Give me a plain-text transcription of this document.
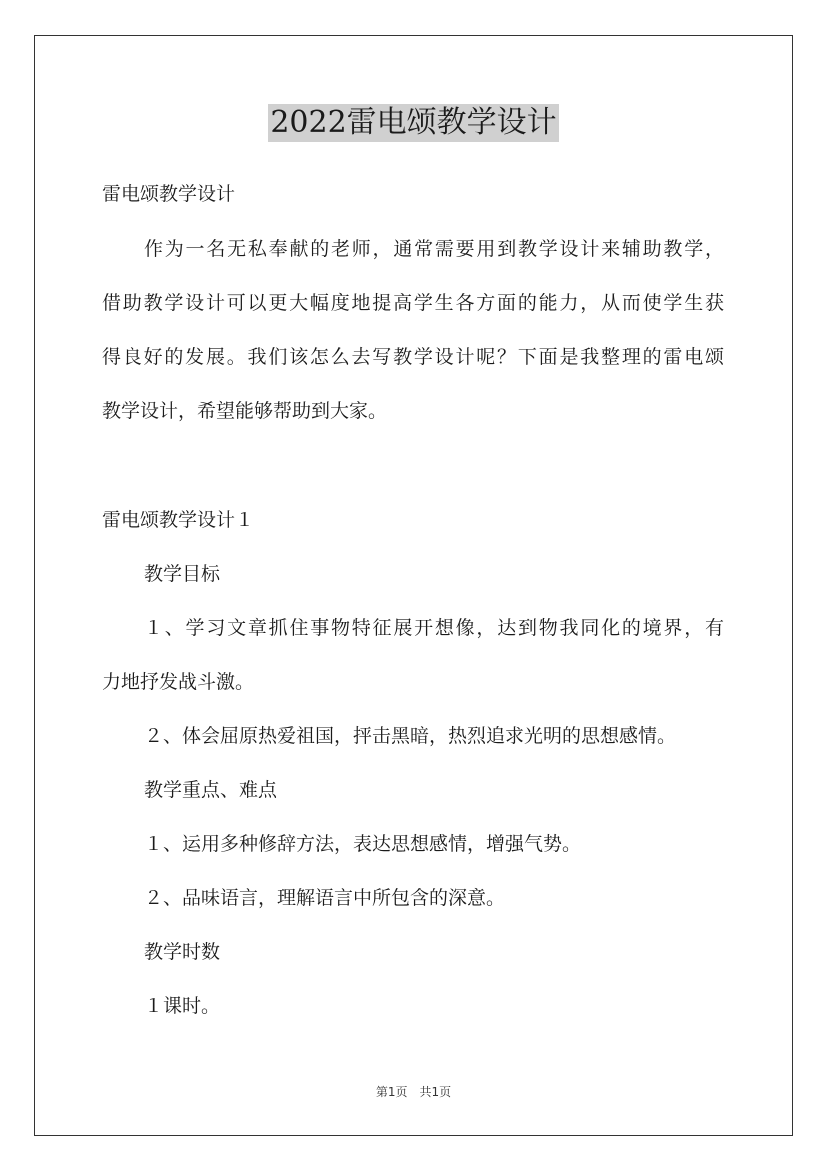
2022雷电颂教学设计
雷电颂教学设计
作为一名无私奉献的老师，通常需要用到教学设计来辅助教学，
借助教学设计可以更大幅度地提高学生各方面的能力，从而使学生获
得良好的发展。我们该怎么去写教学设计呢？下面是我整理的雷电颂
教学设计，希望能够帮助到大家。
雷电颂教学设计１
教学目标
１、学习文章抓住事物特征展开想像，达到物我同化的境界，有
力地抒发战斗激。
２、体会屈原热爱祖国，抨击黑暗，热烈追求光明的思想感情。
教学重点、难点
１、运用多种修辞方法，表达思想感情，增强气势。
２、品味语言，理解语言中所包含的深意。
教学时数
１课时。
第1页　共1页
